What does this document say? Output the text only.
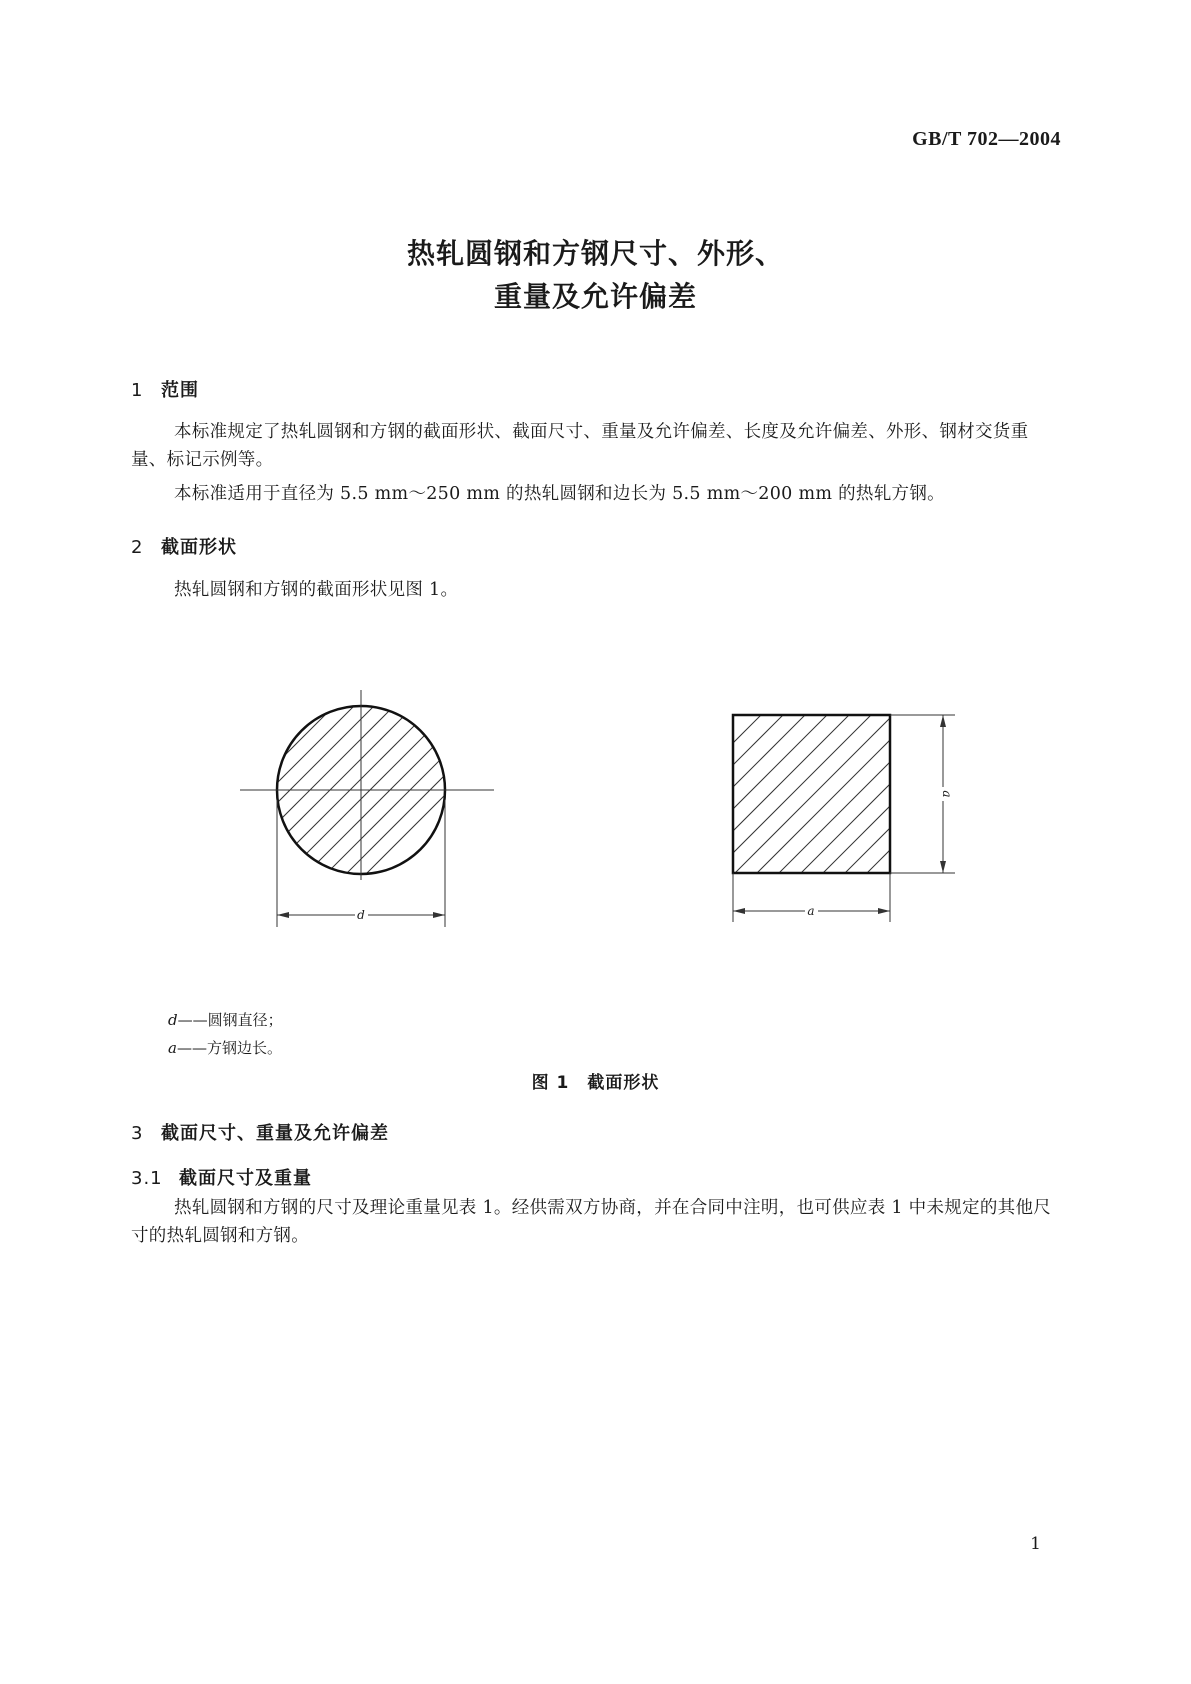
GB/T 702—2004
热轧圆钢和方钢尺寸、外形、
重量及允许偏差
1 范围
本标准规定了热轧圆钢和方钢的截面形状、截面尺寸、重量及允许偏差、长度及允许偏差、外形、钢材交货重量、标记示例等。
本标准适用于直径为 5.5 mm～250 mm 的热轧圆钢和边长为 5.5 mm～200 mm 的热轧方钢。
2 截面形状
热轧圆钢和方钢的截面形状见图 1。
d
a
a
d——圆钢直径；
a——方钢边长。
图 1　截面形状
3 截面尺寸、重量及允许偏差
3.1 截面尺寸及重量
热轧圆钢和方钢的尺寸及理论重量见表 1。经供需双方协商，并在合同中注明，也可供应表 1 中未规定的其他尺寸的热轧圆钢和方钢。
1
